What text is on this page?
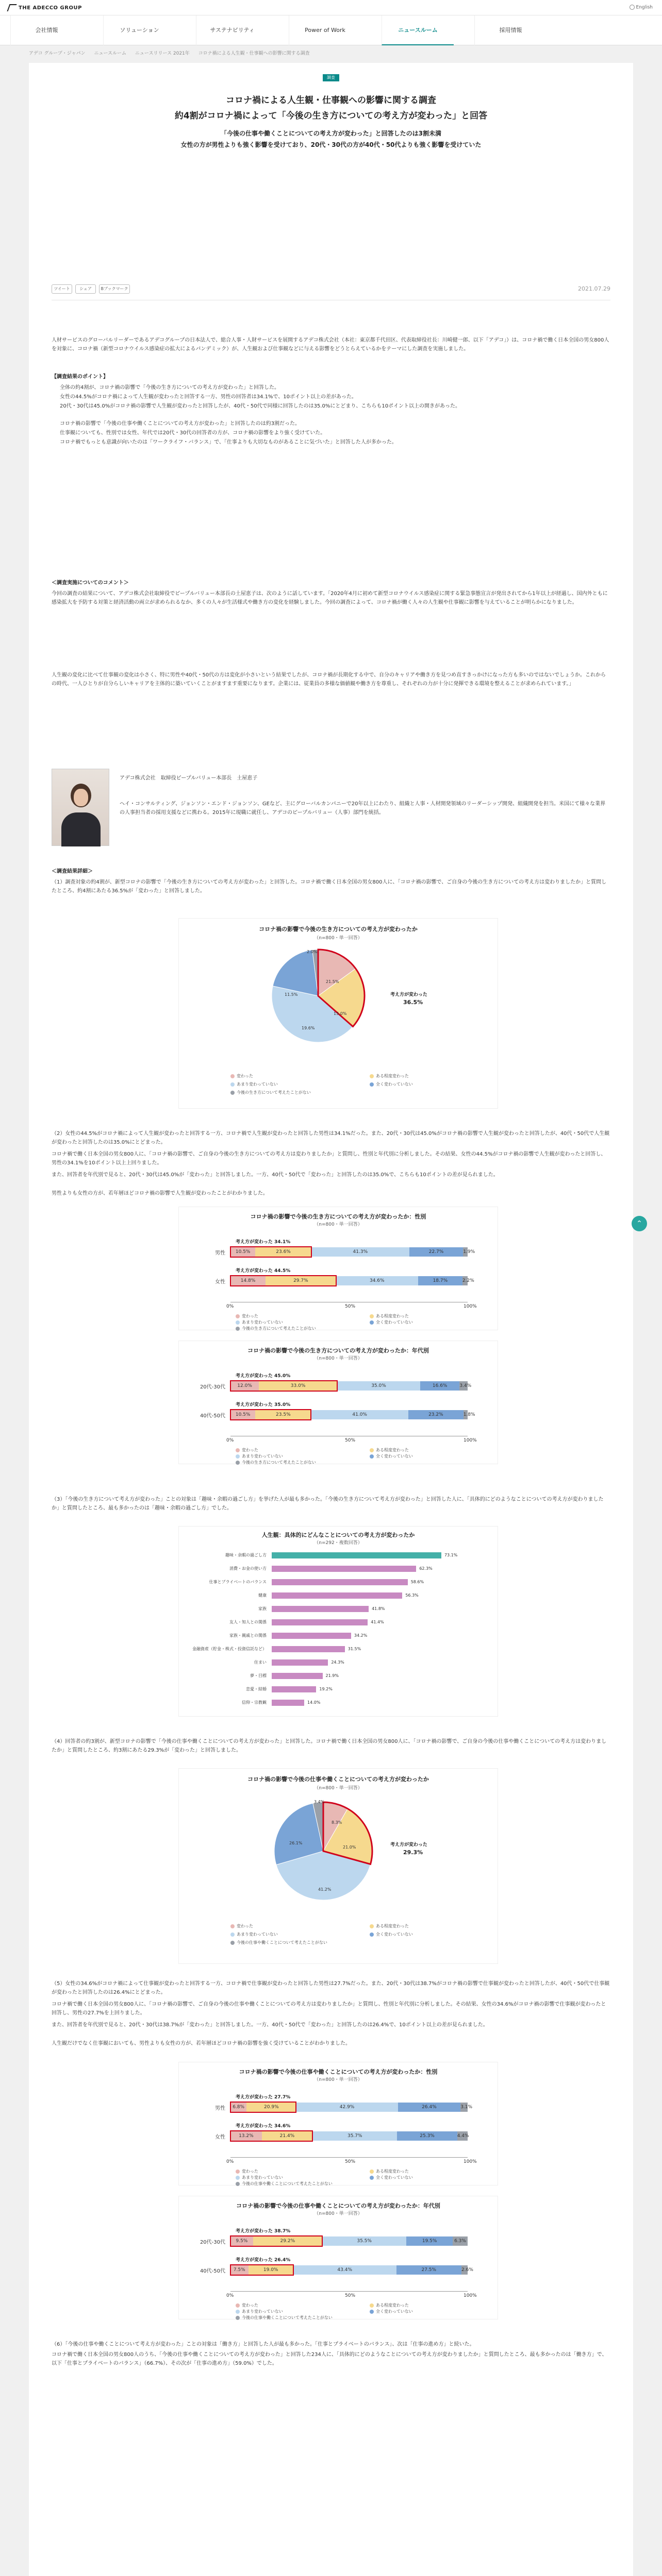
THE ADECCO GROUP	English
会社情報	ソリューション	サステナビリティ	Power of Work	ニュースルーム	採用情報
アデコ グループ・ジャパン ニュースルーム ニュースリリース 2021年 コロナ禍による人生観・仕事観への影響に関する調査
調査
コロナ禍による人生観・仕事観への影響に関する調査
約4割がコロナ禍によって「今後の生き方についての考え方が変わった」と回答
「今後の仕事や働くことについての考え方が変わった」と回答したのは3割未満
女性の方が男性よりも強く影響を受けており、20代・30代の方が40代・50代よりも強く影響を受けていた
ツイート	シェア	Bブックマーク	2021.07.29
人材サービスのグローバルリーダーであるアデコグループの日本法人で、総合人事・人財サービスを展開するアデコ株式会社（本社：東京都千代田区、代表取締役社長：川崎健一郎、以下「アデコ」）は、コロナ禍で働く日本全国の男女800人を対象に、コロナ禍（新型コロナウイルス感染症の拡大によるパンデミック）が、人生観および仕事観などに与える影響をどうとらえているかをテーマにした調査を実施しました。
【調査結果のポイント】
全体の約4割が、コロナ禍の影響で「今後の生き方についての考え方が変わった」と回答した。
女性の44.5%がコロナ禍によって人生観が変わったと回答する一方、男性の回答者は34.1%で、10ポイント以上の差があった。
20代・30代は45.0%がコロナ禍の影響で人生観が変わったと回答したが、40代・50代で同様に回答したのは35.0%にとどまり、こちらも10ポイント以上の開きがあった。
コロナ禍の影響で「今後の仕事や働くことについての考え方が変わった」と回答したのは約3割だった。
仕事観についても、性別では女性、年代では20代・30代の回答者の方が、コロナ禍の影響をより強く受けていた。
コロナ禍でもっとも意識が向いたのは「ワークライフ・バランス」で、「仕事よりも大切なものがあることに気づいた」と回答した人が多かった。
＜調査実施についてのコメント＞
今回の調査の結果について、アデコ株式会社取締役でピープルバリュー本部長の土屋恵子は、次のように話しています。「2020年4月に初めて新型コロナウイルス感染症に関する緊急事態宣言が発出されてから1年以上が経過し、国内外ともに感染拡大を予防する対策と経済活動の両立が求められるなか、多くの人々が生活様式や働き方の変化を経験しました。今回の調査によって、コロナ禍が働く人々の人生観や仕事観に影響を与えていることが明らかになりました。
人生観の変化に比べて仕事観の変化は小さく、特に男性や40代・50代の方は変化が小さいという結果でしたが、コロナ禍が長期化する中で、自分のキャリアや働き方を見つめ直すきっかけになった方も多いのではないでしょうか。これからの時代、一人ひとりが自分らしいキャリアを主体的に築いていくことがますます重要になります。企業には、従業員の多様な価値観や働き方を尊重し、それぞれの力が十分に発揮できる環境を整えることが求められています。」
アデコ株式会社　取締役ピープルバリュー本部長　土屋恵子
ヘイ・コンサルティング、ジョンソン・エンド・ジョンソン、GEなど、主にグローバルカンパニーで20年以上にわたり、組織と人事・人材開発領域のリーダーシップ開発、組織開発を担当。米国にて様々な業界の人事担当者の採用支援などに携わる。2015年に現職に就任し、アデコのピープルバリュー（人事）部門を統括。
＜調査結果詳細＞
（1）調査対象の約4割が、新型コロナの影響で「今後の生き方についての考え方が変わった」と回答した。コロナ禍で働く日本全国の男女800人に、「コロナ禍の影響で、ご自身の今後の生き方についての考え方は変わりましたか」と質問したところ、約4割にあたる36.5%が「変わった」と回答しました。
コロナ禍の影響で今後の生き方についての考え方が変わったか
（n=800・単一回答）
考え方が変わった
36.5%
2.0%
11.5%
21.5%
15.0%
19.6%
変わった
あまり変わっていない
今後の生き方について考えたことがない
ある程度変わった
全く変わっていない
（2）女性の44.5%がコロナ禍によって人生観が変わったと回答する一方、コロナ禍で人生観が変わったと回答した男性は34.1%だった。また、20代・30代は45.0%がコロナ禍の影響で人生観が変わったと回答したが、40代・50代で人生観が変わったと回答したのは35.0%にとどまった。
コロナ禍で働く日本全国の男女800人に、「コロナ禍の影響で、ご自身の今後の生き方についての考え方は変わりましたか」と質問し、性別と年代別に分析しました。その結果、女性の44.5%がコロナ禍の影響で人生観が変わったと回答し、男性の34.1%を10ポイント以上上回りました。
また、回答者を年代別で見ると、20代・30代は45.0%が「変わった」と回答しました。一方、40代・50代で「変わった」と回答したのは35.0%で、こちらも10ポイントの差が見られました。
男性よりも女性の方が、若年層ほどコロナ禍の影響で人生観が変わったことがわかりました。
コロナ禍の影響で今後の生き方についての考え方が変わったか：性別
（n=800・単一回答）
男性	10.5%	23.6%	41.3%	22.7%	1.9%
考え方が変わった 34.1%
女性	14.8%	29.7%	34.6%	18.7%	2.2%
考え方が変わった 44.5%
0%	50%	100%
変わった	ある程度変わった
あまり変わっていない	全く変わっていない
今後の生き方について考えたことがない
コロナ禍の影響で今後の生き方についての考え方が変わったか：年代別
（n=800・単一回答）
20代-30代	12.0%	33.0%	35.0%	16.6%	3.4%
考え方が変わった 45.0%
40代-50代	10.5%	23.5%	41.0%	23.2%	1.8%
考え方が変わった 35.0%
0%	50%	100%
変わった	ある程度変わった
あまり変わっていない	全く変わっていない
今後の生き方について考えたことがない
（3）「今後の生き方について考え方が変わった」ことの対象は「趣味・余暇の過ごし方」を挙げた人が最も多かった。「今後の生き方について考え方が変わった」と回答した人に、「具体的にどのようなことについての考え方が変わりましたか」と質問したところ、最も多かったのは「趣味・余暇の過ごし方」でした。
人生観：具体的にどんなことについての考え方が変わったか
（n=292・複数回答）
趣味・余暇の過ごし方	73.1%
消費・お金の使い方	62.3%
仕事とプライベートのバランス	58.6%
健康	56.3%
家族	41.8%
友人・知人との関係	41.4%
家族・親戚との関係	34.2%
金融資産（貯金・株式・投資信託など）	31.5%
住まい	24.3%
夢・目標	21.9%
恋愛・結婚	19.2%
信仰・宗教観	14.0%
（4）回答者の約3割が、新型コロナの影響で「今後の仕事や働くことについての考え方が変わった」と回答した。コロナ禍で働く日本全国の男女800人に、「コロナ禍の影響で、ご自身の今後の仕事や働くことについての考え方は変わりましたか」と質問したところ、約3割にあたる29.3%が「変わった」と回答しました。
コロナ禍の影響で今後の仕事や働くことについての考え方が変わったか
（n=800・単一回答）
考え方が変わった
29.3%
3.4%
8.3%
21.0%
26.1%
41.2%
変わった
あまり変わっていない
今後の仕事や働くことについて考えたことがない
ある程度変わった
全く変わっていない
（5）女性の34.6%がコロナ禍によって仕事観が変わったと回答する一方、コロナ禍で仕事観が変わったと回答した男性は27.7%だった。また、20代・30代は38.7%がコロナ禍の影響で仕事観が変わったと回答したが、40代・50代で仕事観が変わったと回答したのは26.4%にとどまった。
コロナ禍で働く日本全国の男女800人に、「コロナ禍の影響で、ご自身の今後の仕事や働くことについての考え方は変わりましたか」と質問し、性別と年代別に分析しました。その結果、女性の34.6%がコロナ禍の影響で仕事観が変わったと回答し、男性の27.7%を上回りました。
また、回答者を年代別で見ると、20代・30代は38.7%が「変わった」と回答しました。一方、40代・50代で「変わった」と回答したのは26.4%で、10ポイント以上の差が見られました。
人生観だけでなく仕事観においても、男性よりも女性の方が、若年層ほどコロナ禍の影響を強く受けていることがわかりました。
コロナ禍の影響で今後の仕事や働くことについての考え方が変わったか：性別
（n=800・単一回答）
男性	6.8%	20.9%	42.9%	26.4%	3.1%
考え方が変わった 27.7%
女性	13.2%	21.4%	35.7%	25.3%	4.4%
考え方が変わった 34.6%
0%	50%	100%
変わった	ある程度変わった
あまり変わっていない	全く変わっていない
今後の仕事や働くことについて考えたことがない
コロナ禍の影響で今後の仕事や働くことについての考え方が変わったか：年代別
（n=800・単一回答）
20代-30代	9.5%	29.2%	35.5%	19.5%	6.3%
考え方が変わった 38.7%
40代-50代	7.5%	19.0%	43.4%	27.5%	2.6%
考え方が変わった 26.4%
0%	50%	100%
変わった	ある程度変わった
あまり変わっていない	全く変わっていない
今後の仕事や働くことについて考えたことがない
（6）「今後の仕事や働くことについて考え方が変わった」ことの対象は「働き方」と回答した人が最も多かった。「仕事とプライベートのバランス」、次は「仕事の進め方」と続いた。
コロナ禍で働く日本全国の男女800人のうち、「今後の仕事や働くことについての考え方が変わった」と回答した234人に、「具体的にどのようなことについての考え方が変わりましたか」と質問したところ、最も多かったのは「働き方」で、以下「仕事とプライベートのバランス」（66.7%）、その次が「仕事の進め方」（59.0%）でした。
⌃
